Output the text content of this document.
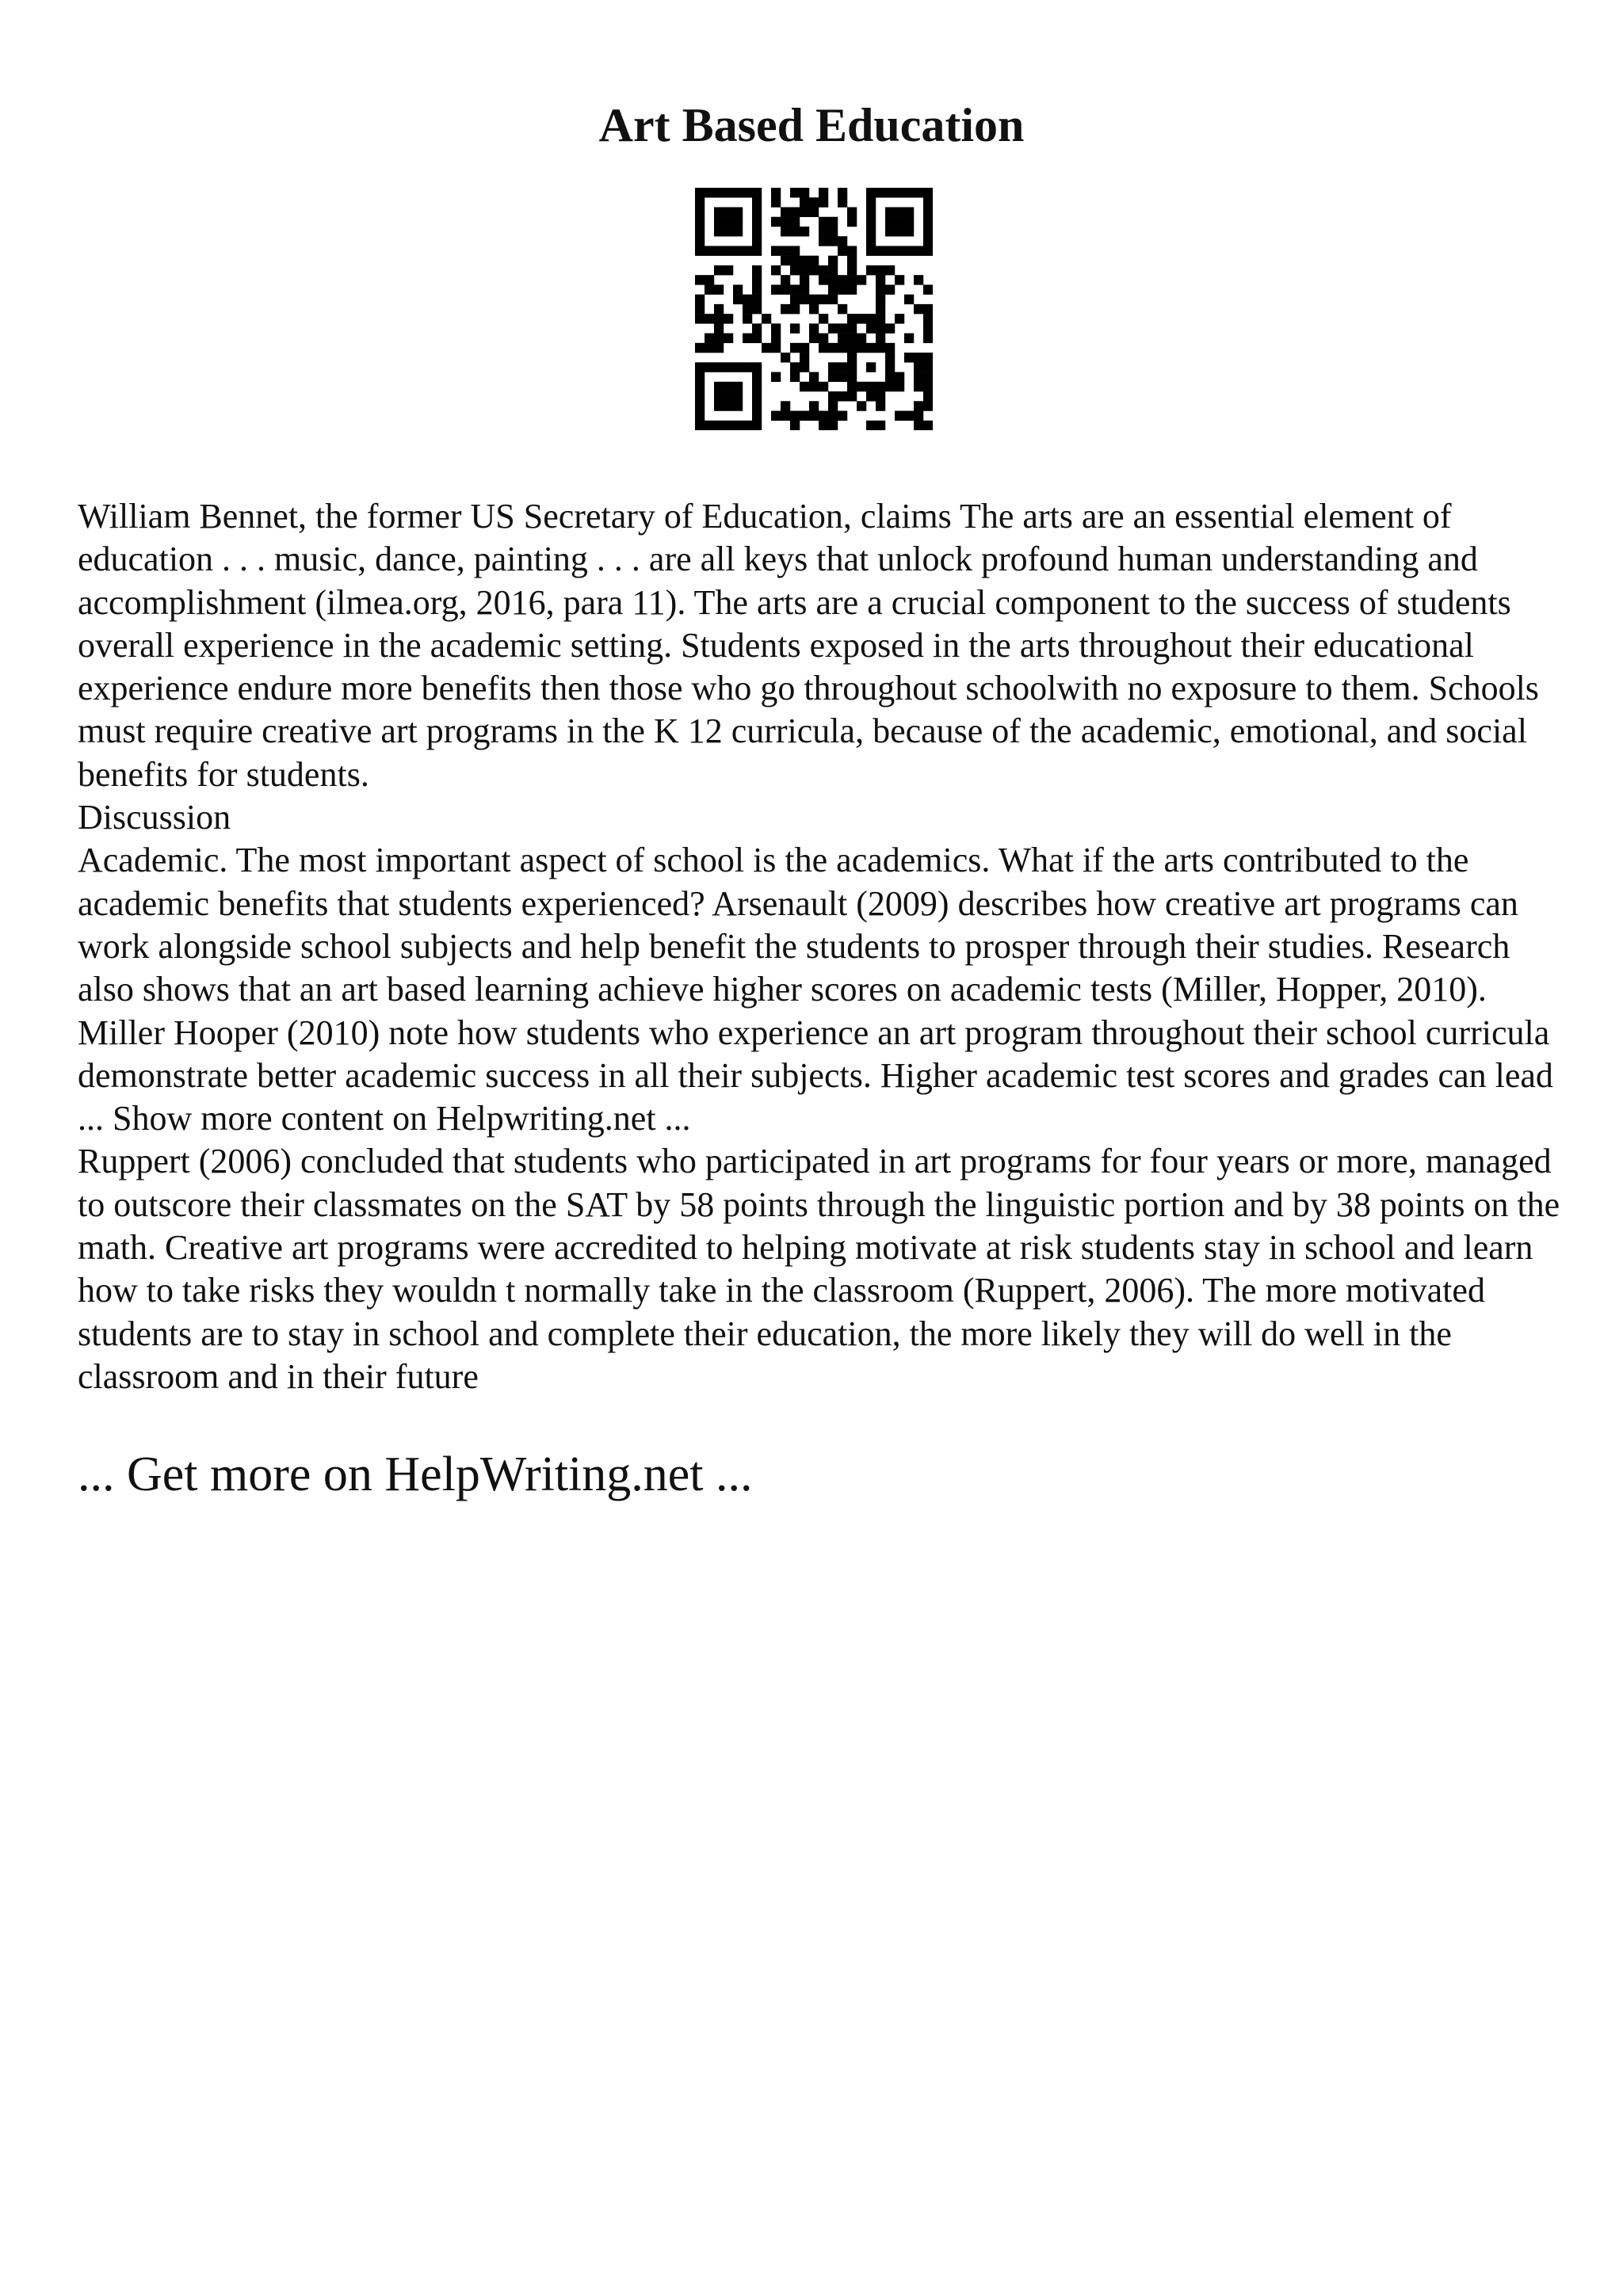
Art Based Education

William Bennet, the former US Secretary of Education, claims The arts are an essential element of education . . . music, dance, painting . . . are all keys that unlock profound human understanding and accomplishment (ilmea.org, 2016, para 11). The arts are a crucial component to the success of students overall experience in the academic setting. Students exposed in the arts throughout their educational experience endure more benefits then those who go throughout schoolwith no exposure to them. Schools must require creative art programs in the K 12 curricula, because of the academic, emotional, and social benefits for students.

Discussion

Academic. The most important aspect of school is the academics. What if the arts contributed to the academic benefits that students experienced? Arsenault (2009) describes how creative art programs can work alongside school subjects and help benefit the students to prosper through their studies. Research also shows that an art based learning achieve higher scores on academic tests (Miller, Hopper, 2010). Miller Hooper (2010) note how students who experience an art program throughout their school curricula demonstrate better academic success in all their subjects. Higher academic test scores and grades can lead ... Show more content on Helpwriting.net ...

Ruppert (2006) concluded that students who participated in art programs for four years or more, managed to outscore their classmates on the SAT by 58 points through the linguistic portion and by 38 points on the math. Creative art programs were accredited to helping motivate at risk students stay in school and learn how to take risks they wouldn t normally take in the classroom (Ruppert, 2006). The more motivated students are to stay in school and complete their education, the more likely they will do well in the classroom and in their future

... Get more on HelpWriting.net ...
